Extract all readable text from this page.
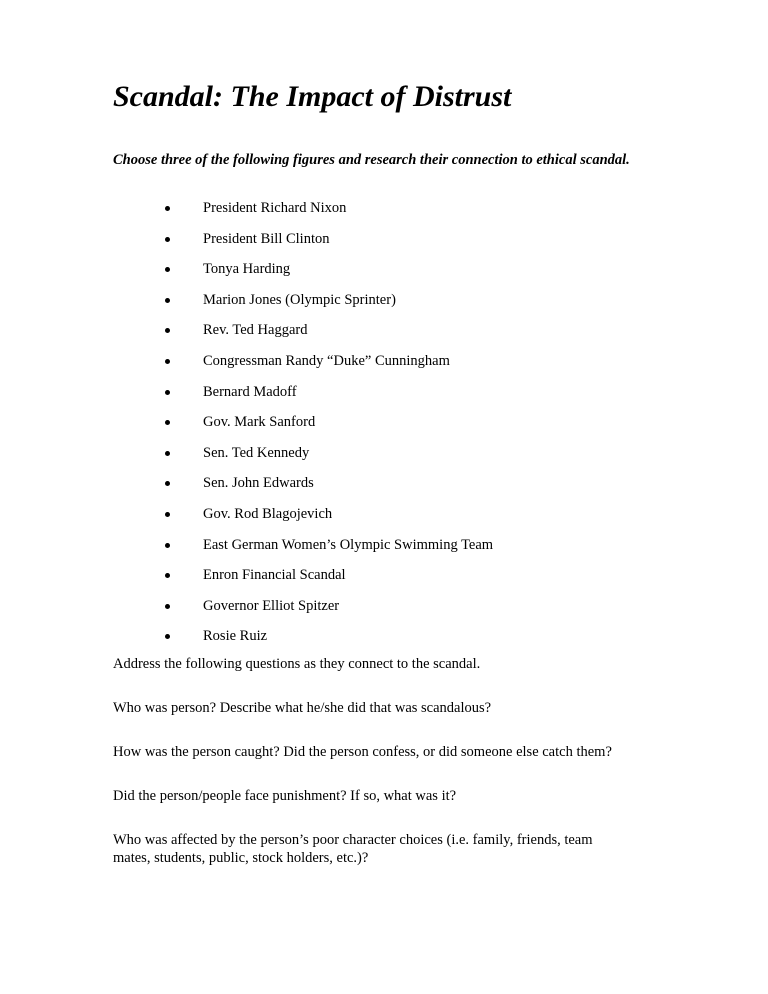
Scandal: The Impact of Distrust

Choose three of the following figures and research their connection to ethical scandal.

President Richard Nixon
President Bill Clinton
Tonya Harding
Marion Jones (Olympic Sprinter)
Rev. Ted Haggard
Congressman Randy “Duke” Cunningham
Bernard Madoff
Gov. Mark Sanford
Sen. Ted Kennedy
Sen. John Edwards
Gov. Rod Blagojevich
East German Women’s Olympic Swimming Team
Enron Financial Scandal
Governor Elliot Spitzer
Rosie Ruiz

Address the following questions as they connect to the scandal.

Who was person? Describe what he/she did that was scandalous?

How was the person caught? Did the person confess, or did someone else catch them?

Did the person/people face punishment? If so, what was it?

Who was affected by the person’s poor character choices (i.e. family, friends, team mates, students, public, stock holders, etc.)?
